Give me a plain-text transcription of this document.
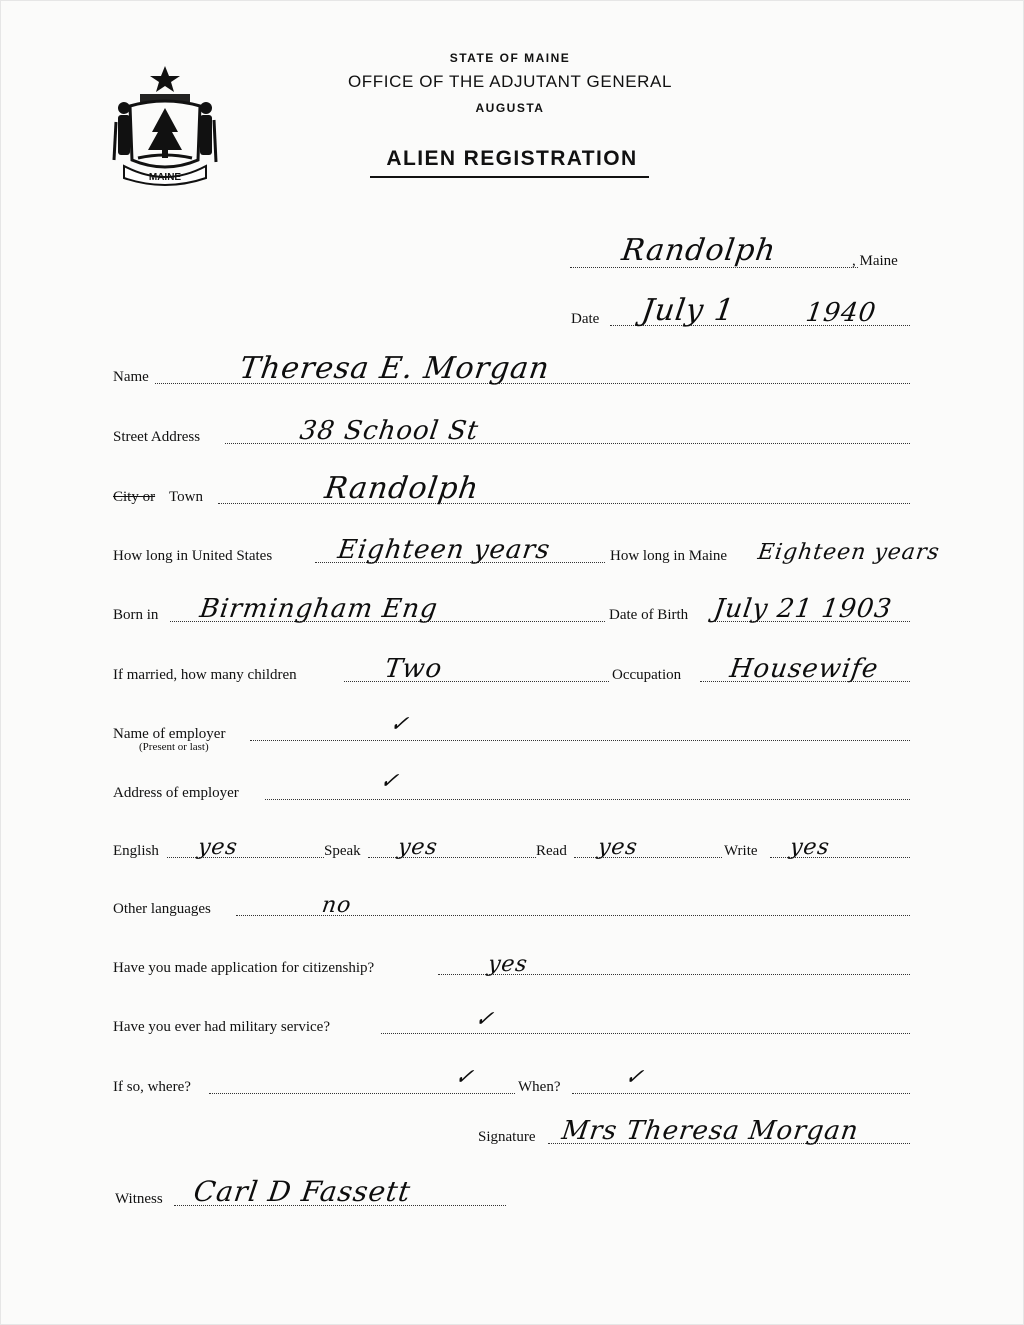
MAINE
STATE OF MAINE
OFFICE OF THE ADJUTANT GENERAL
AUGUSTA
ALIEN REGISTRATION
Randolph	, Maine
Date July 1	1940
Name	Theresa E. Morgan
Street Address	38 School St
City or Town	Randolph
How long in United States Eighteen years	How long in Maine Eighteen years
Born in Birmingham Eng	Date of Birth July 21 1903
If married, how many children	Two	Occupation Housewife
Name of employer	✓
(Present or last)
Address of employer	✓
English yes	Speak yes	Read yes	Write yes
Other languages	no
Have you made application for citizenship?	yes
Have you ever had military service?	✓
If so, where?	✓	When?	✓
Signature Mrs Theresa Morgan
Witness Carl D Fassett
